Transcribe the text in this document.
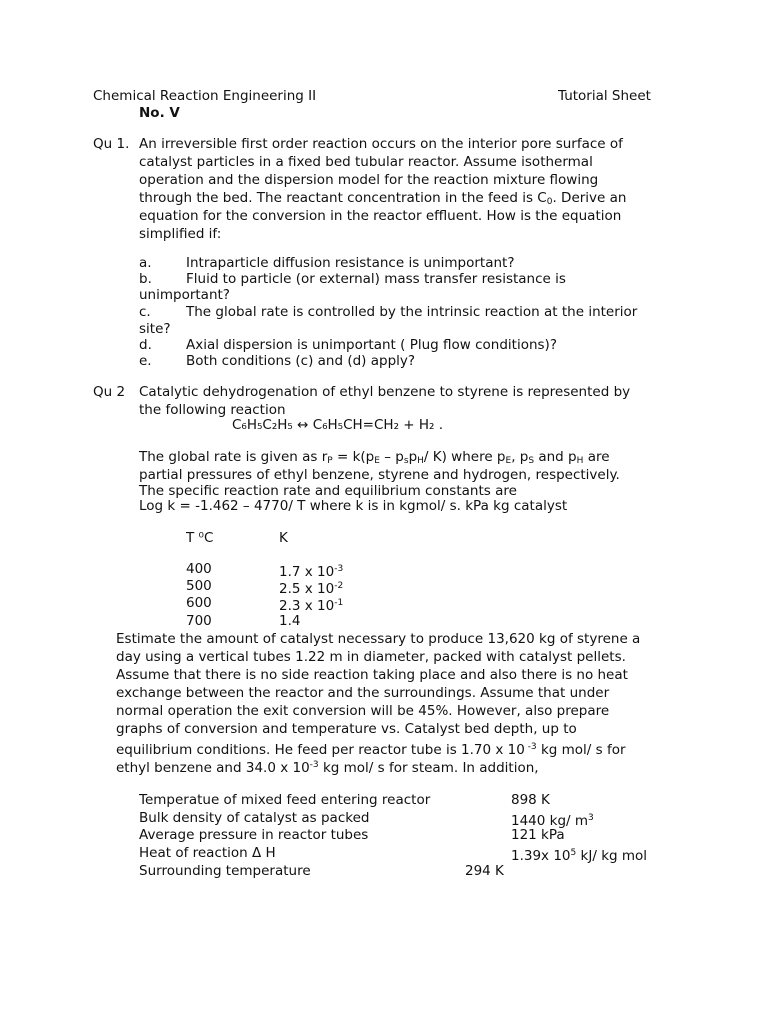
Chemical Reaction Engineering II	Tutorial Sheet
No. V
Qu 1. An irreversible first order reaction occurs on the interior pore surface of
catalyst particles in a fixed bed tubular reactor. Assume isothermal
operation and the dispersion model for the reaction mixture flowing
through the bed. The reactant concentration in the feed is $C_0$. Derive an
equation for the conversion in the reactor effluent. How is the equation
simplified if:
a.	Intraparticle diffusion resistance is unimportant?
b.	Fluid to particle (or external) mass transfer resistance is
unimportant?
c.	The global rate is controlled by the intrinsic reaction at the interior
site?
d.	Axial dispersion is unimportant ( Plug flow conditions)?
e.	Both conditions (c) and (d) apply?
Qu 2 Catalytic dehydrogenation of ethyl benzene to styrene is represented by
the following reaction
C₆H₅C₂H₅ ↔ C₆H₅CH=CH₂ + H₂ .
The global rate is given as $r_P = k(p_E - p_sp_H/$ K) where $p_E$, $p_S$ and $p_H$ are
partial pressures of ethyl benzene, styrene and hydrogen, respectively.
The specific reaction rate and equilibrium constants are
Log k = -1.462 – 4770/ T where k is in kgmol/ s. kPa kg catalyst
T ⁰C	K
400	1.7 x $10^{-3}$
500	2.5 x $10^{-2}$
600	2.3 x $10^{-1}$
700	1.4
Estimate the amount of catalyst necessary to produce 13,620 kg of styrene a
day using a vertical tubes 1.22 m in diameter, packed with catalyst pellets.
Assume that there is no side reaction taking place and also there is no heat
exchange between the reactor and the surroundings. Assume that under
normal operation the exit conversion will be 45%. However, also prepare
graphs of conversion and temperature vs. Catalyst bed depth, up to
equilibrium conditions. He feed per reactor tube is 1.70 x 10 $^{-3}$ kg mol/ s for
ethyl benzene and 34.0 x $10^{-3}$ kg mol/ s for steam. In addition,
Temperatue of mixed feed entering reactor	898 K
Bulk density of catalyst as packed	1440 kg/ $m^3$
Average pressure in reactor tubes	121 kPa
Heat of reaction Δ H	1.39x $10^5$ kJ/ kg mol
Surrounding temperature	294 K
